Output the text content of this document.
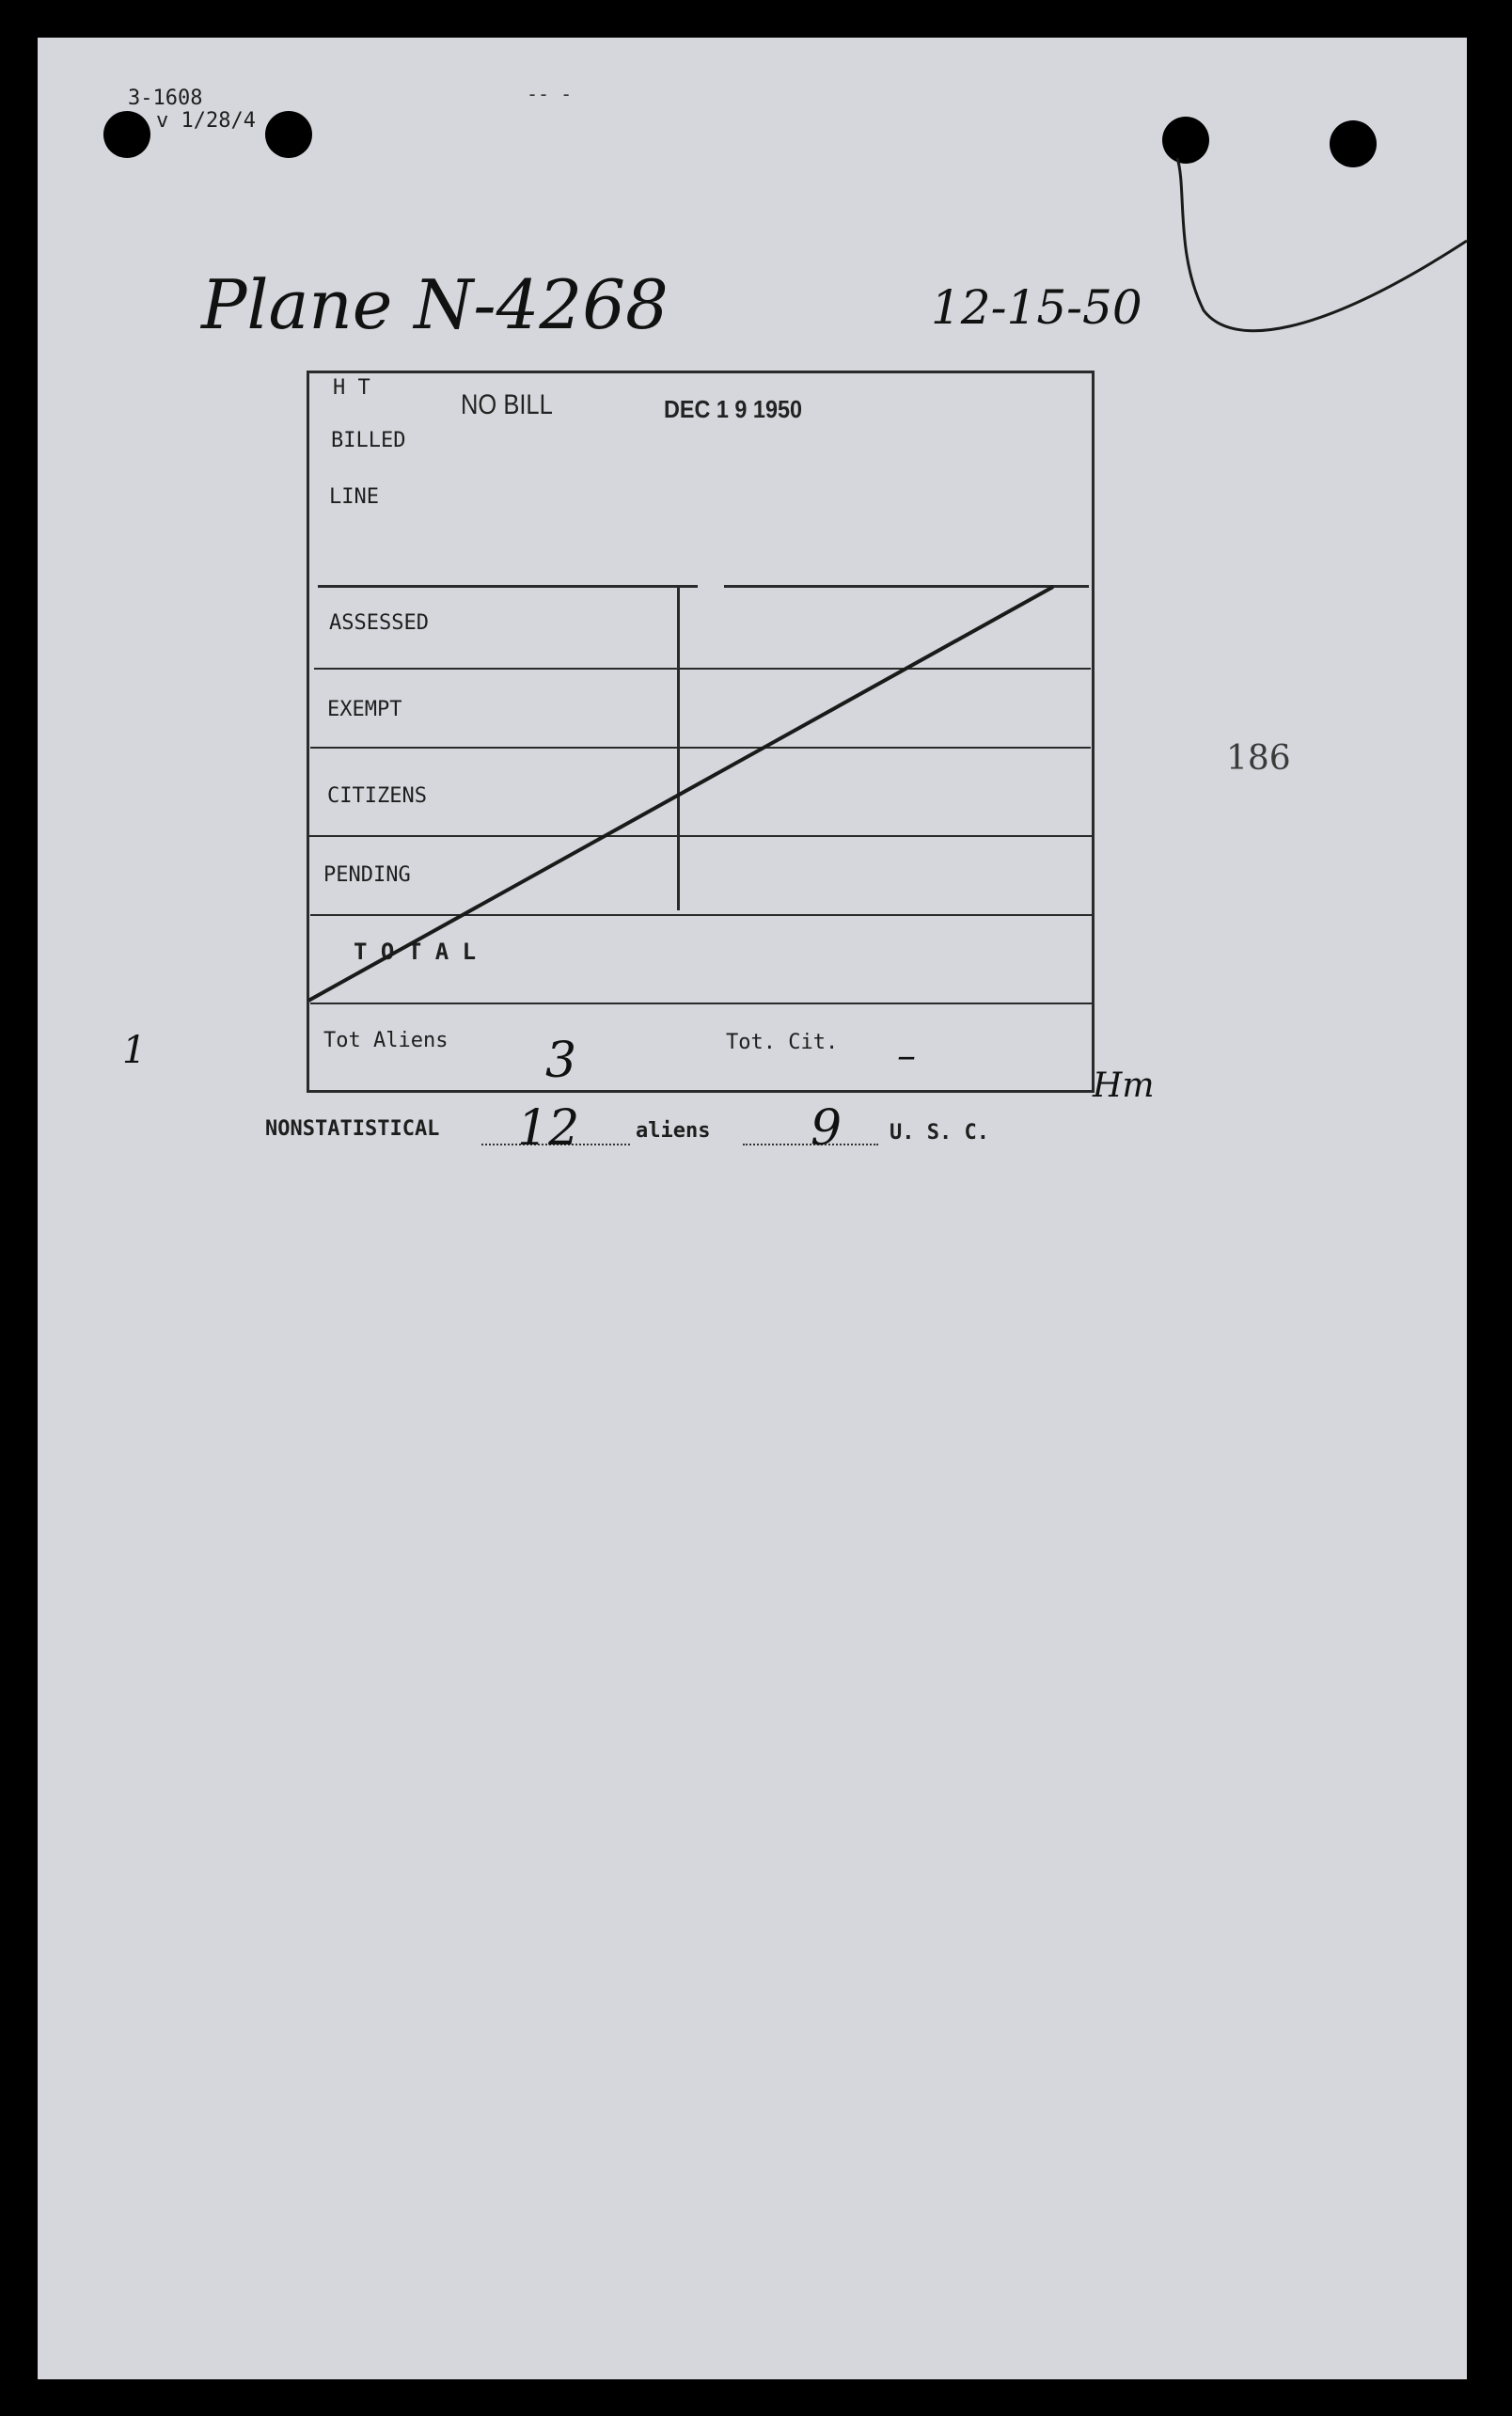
3-1608
v 1/28/4
-- -
Plane N-4268	12-15-50
H T
BILLED
LINE
NO BILL	DEC 1 9 1950
ASSESSED
EXEMPT
CITIZENS
PENDING
T O T A L
Tot Aliens 3	Tot. Cit. –
Hm
186
1
NONSTATISTICAL 12	aliens 9 U. S. C.
